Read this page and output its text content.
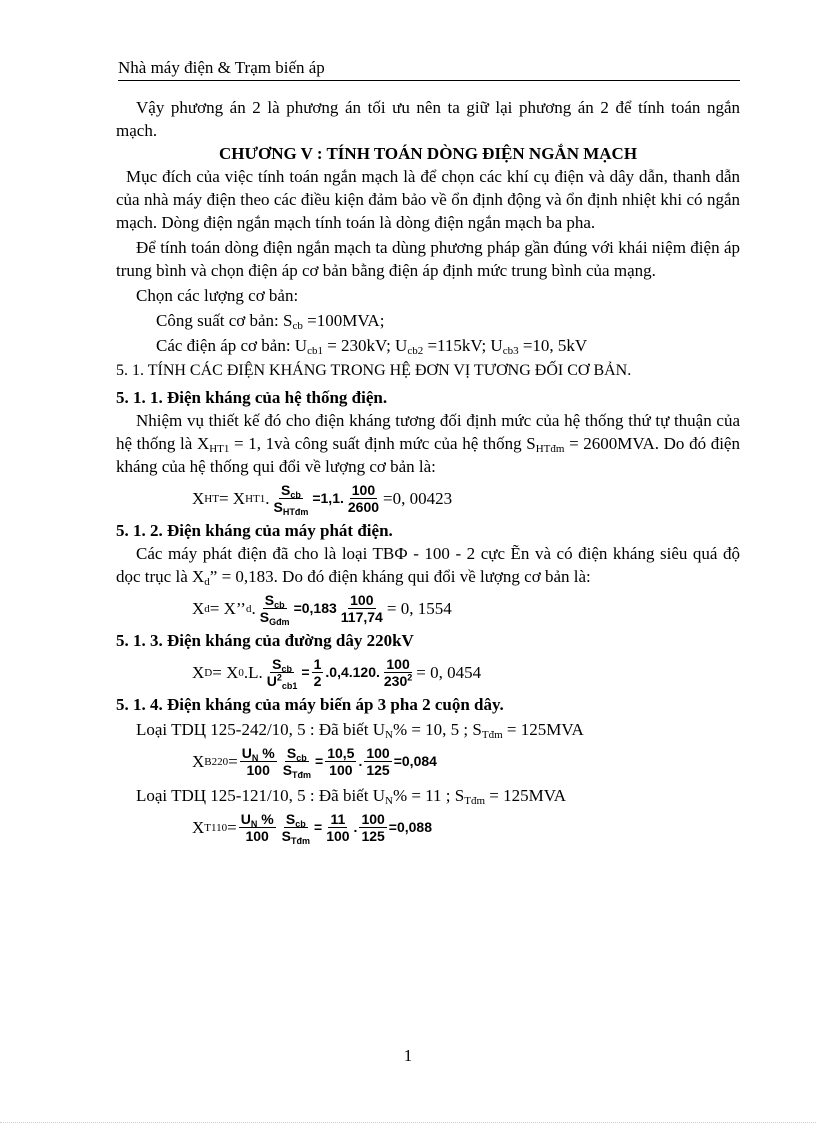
Nhà máy điện & Trạm biến áp

Vậy phương án 2 là phương án tối ưu nên ta giữ lại phương án 2 để tính toán ngắn mạch.

CHƯƠNG V : TÍNH TOÁN DÒNG ĐIỆN NGẮN MẠCH

Mục đích của việc tính toán ngắn mạch là để chọn các khí cụ điện và dây dẫn, thanh dẫn của nhà máy điện theo các điều kiện đảm bảo về ổn định động và ổn định nhiệt khi có ngắn mạch. Dòng điện ngắn mạch tính toán là dòng điện ngắn mạch ba pha.

Để tính toán dòng điện ngắn mạch ta dùng phương pháp gần đúng với khái niệm điện áp trung bình và chọn điện áp cơ bản bằng điện áp định mức trung bình của mạng.

Chọn các lượng cơ bản:

Công suất cơ bản: $S_{cb} =100MVA$;

Các điện áp cơ bản: $U_{cb1} = 230kV$; $U_{cb2} =115kV$; $U_{cb3} =10$, 5kV

5. 1. TÍNH CÁC ĐIỆN KHÁNG TRONG HỆ ĐƠN VỊ TƯƠNG ĐỐI CƠ BẢN.

5. 1. 1. Điện kháng của hệ thống điện.

Nhiệm vụ thiết kế đó cho điện kháng tương đối định mức của hệ thống thứ tự thuận của hệ thống là $X_{HT1} = 1$, 1và công suất định mức của hệ thống $S_{HTđm} = 2600MVA$. Do đó điện kháng của hệ thống qui đổi về lượng cơ bản là:

X HT = X HT1 . $\frac{S_{cb}}{S_{HTđm}} =1,1$. $\frac{100}{2600} =0$, 00423

5. 1. 2. Điện kháng của máy phát điện.

Các máy phát điện đã cho là loại TBФ - 100 - 2 cực Ẽn và có điện kháng siêu quá độ dọc trục là $X_d$” = 0,183. Do đó điện kháng qui đổi về lượng cơ bản là:

X d = X’’ d . $\frac{S_{cb}}{S_{Gđm}} =0,183 \frac{100}{117,74} = 0$, 1554

5. 1. 3. Điện kháng của đường dây 220kV

X D = X 0 .L. $\frac{S_{cb}}{U^2_{cb1}} = \frac{1}{2} .0,4.120$. $\frac{100}{230^2} = 0$, 0454

5. 1. 4. Điện kháng của máy biến áp 3 pha 2 cuộn dây.

Loại TDЦ 125-242/10, 5 : Đã biết $U_N\% = 10$, 5 ; $S_{Tđm} = 125MVA$

X $B220 = \frac{U_N \%}{100} \frac{S_{cb}}{S_{Tđm}} = \frac{10,5}{100}$ . $\frac{100}{125} =0,084$

Loại TDЦ 125-121/10, 5 : Đã biết $U_N\% = 11$ ; $S_{Tđm} = 125MVA$

X $T110 = \frac{U_N \%}{100} \frac{S_{cb}}{S_{Tđm}} = \frac{11}{100}$ . $\frac{100}{125} =0,088$
1
